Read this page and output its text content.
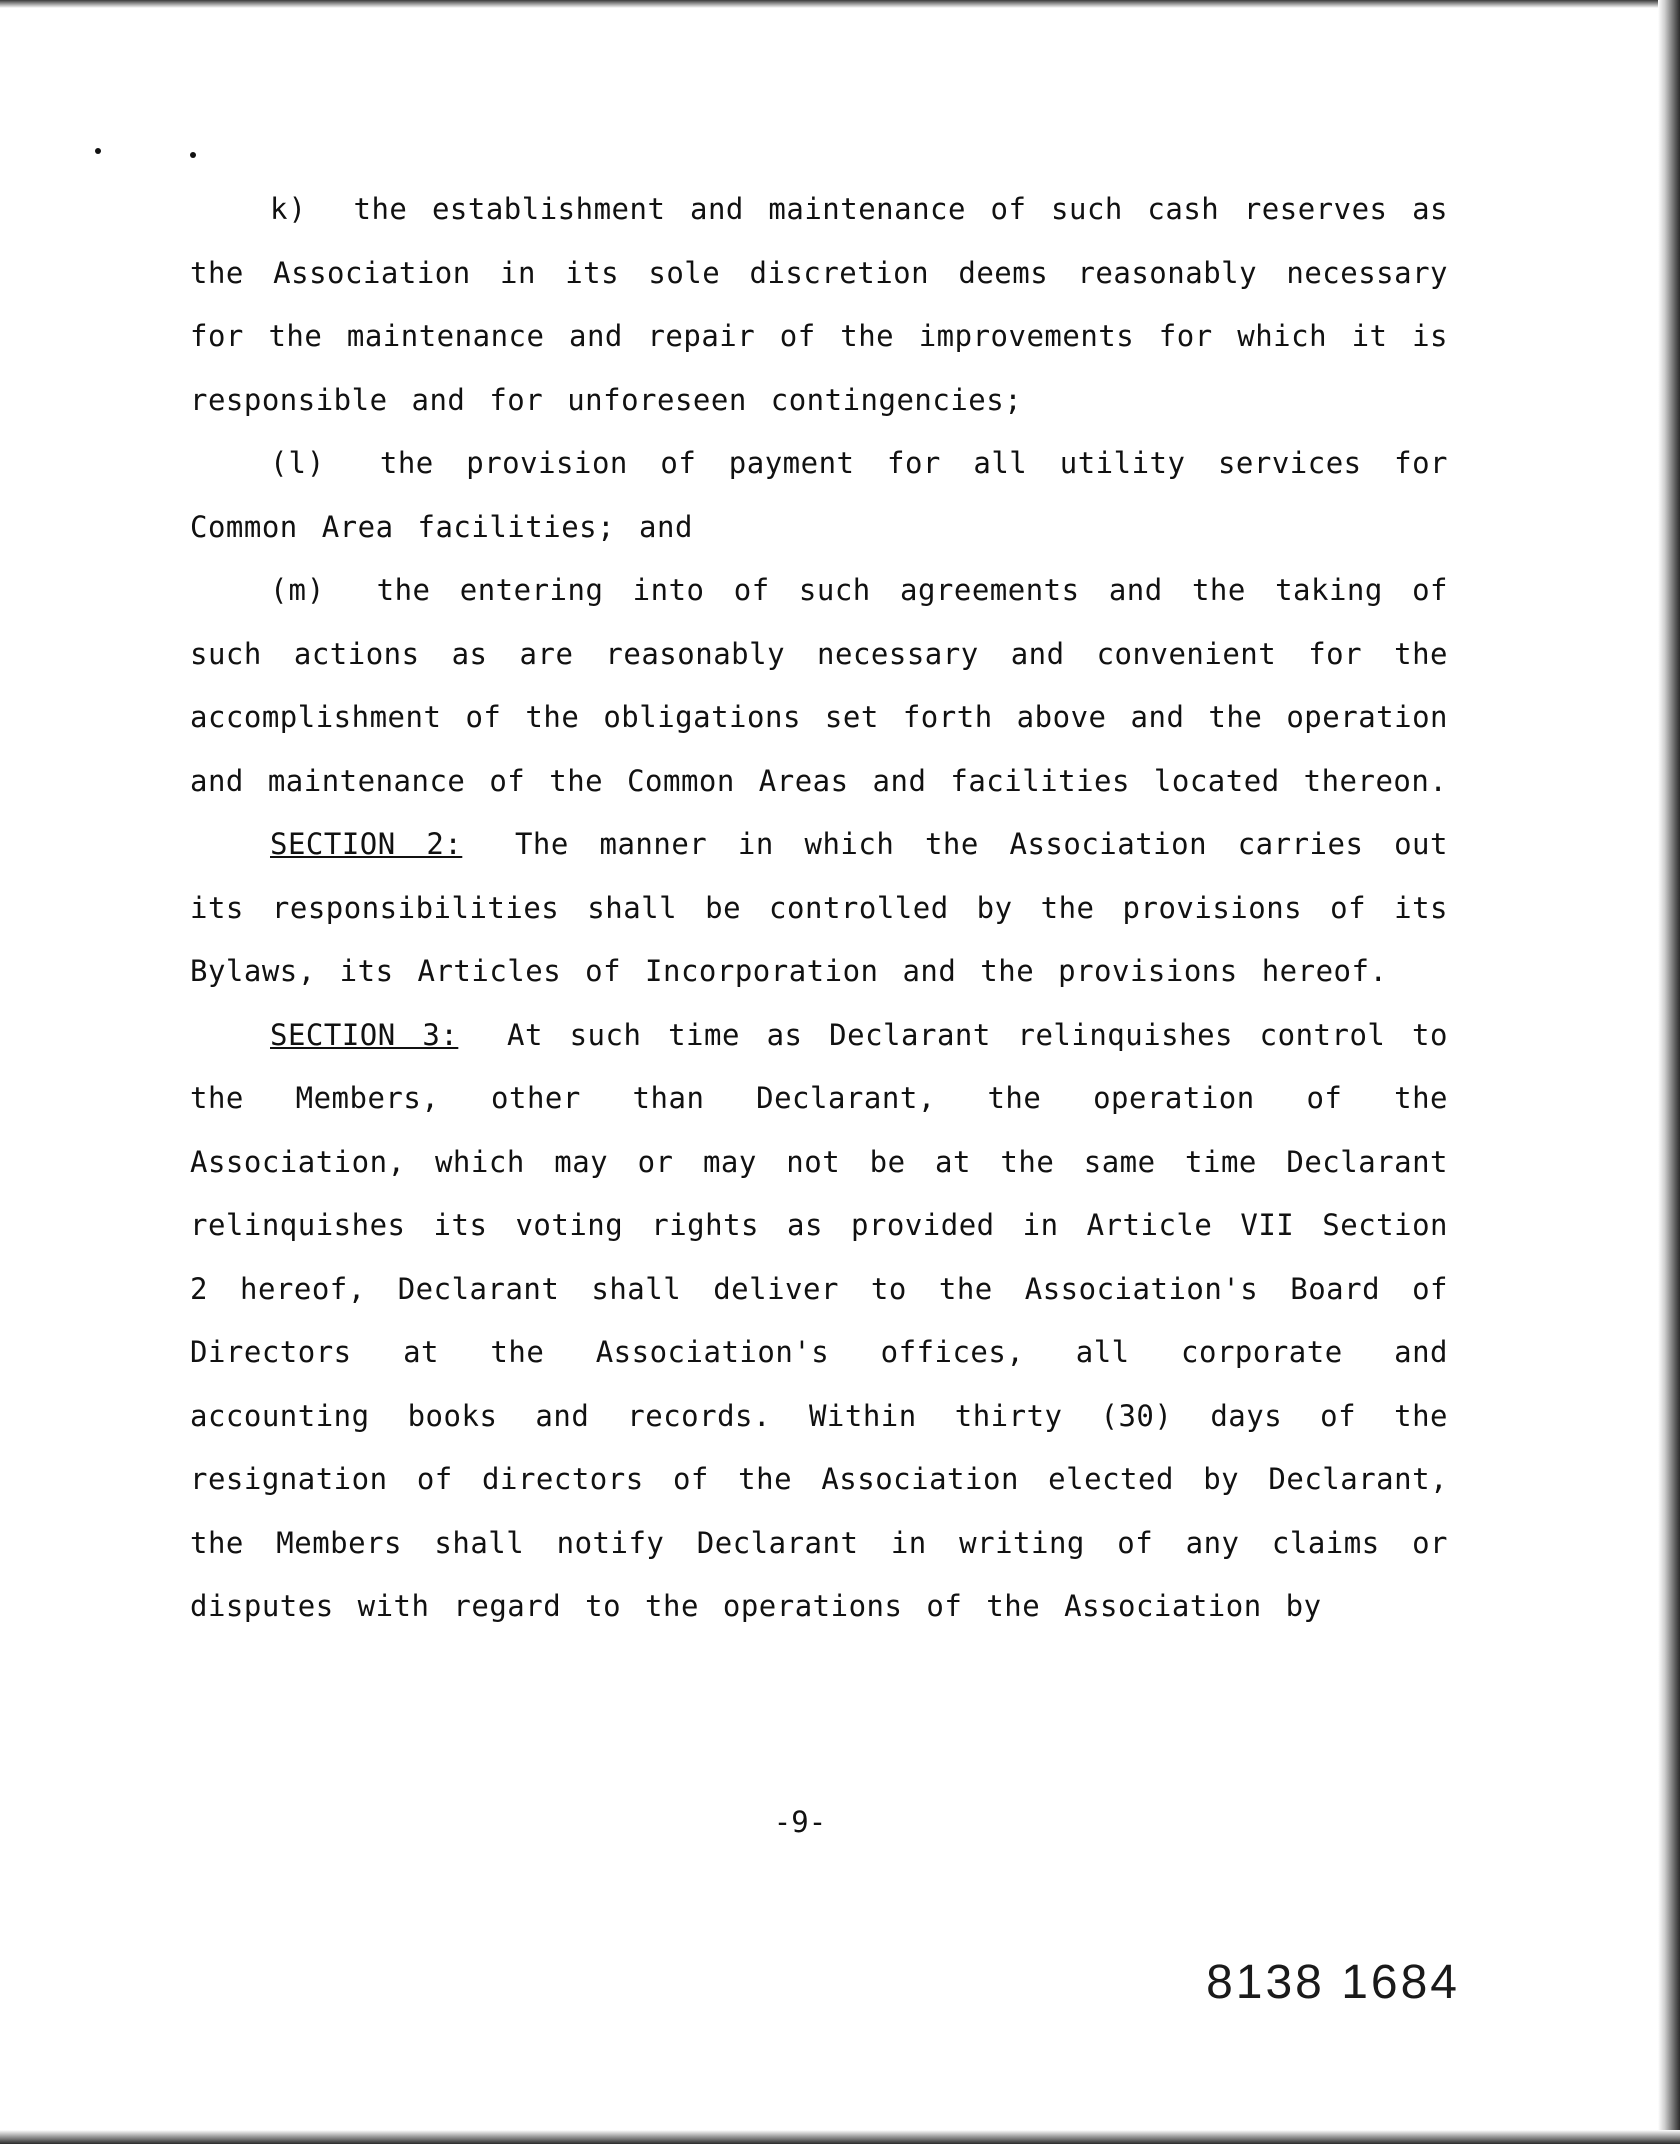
k) the establishment and maintenance of such cash reserves as the Association in its sole discretion deems reasonably necessary for the maintenance and repair of the improvements for which it is responsible and for unforeseen contingencies;

(l) the provision of payment for all utility services for Common Area facilities; and

(m) the entering into of such agreements and the taking of such actions as are reasonably necessary and convenient for the accomplishment of the obligations set forth above and the operation and maintenance of the Common Areas and facilities located thereon.

SECTION 2: The manner in which the Association carries out its responsibilities shall be controlled by the provisions of its Bylaws, its Articles of Incorporation and the provisions hereof.

SECTION 3: At such time as Declarant relinquishes control to the Members, other than Declarant, the operation of the Association, which may or may not be at the same time Declarant relinquishes its voting rights as provided in Article VII Section 2 hereof, Declarant shall deliver to the Association's Board of Directors at the Association's offices, all corporate and accounting books and records. Within thirty (30) days of the resignation of directors of the Association elected by Declarant, the Members shall notify Declarant in writing of any claims or disputes with regard to the operations of the Association by

-9-
8138 1684
